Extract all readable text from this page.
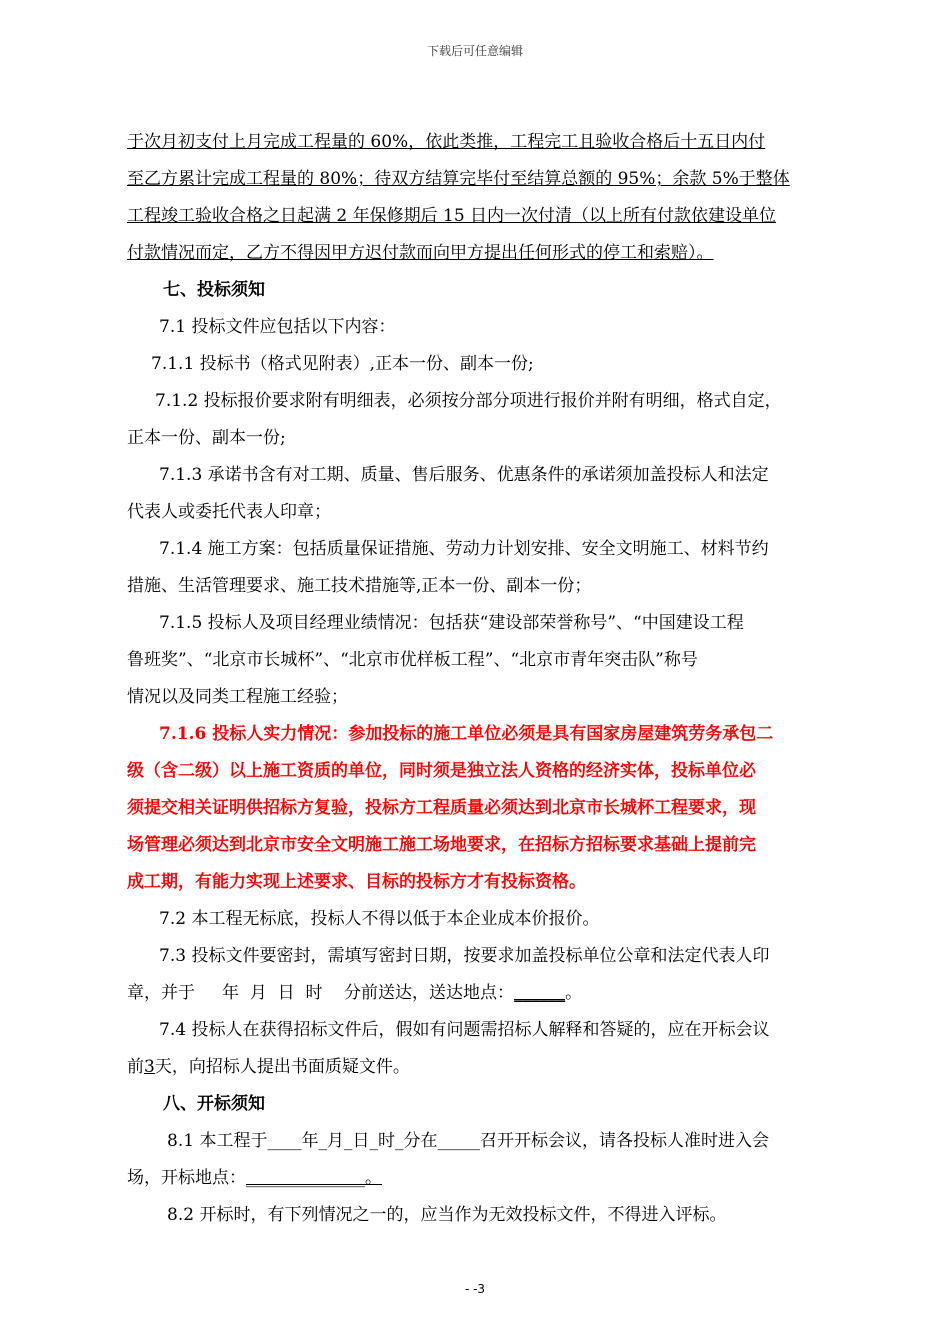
下载后可任意编辑
于次月初支付上月完成工程量的 60%，依此类推，工程完工且验收合格后十五日内付
至乙方累计完成工程量的 80%；待双方结算完毕付至结算总额的 95%；余款 5%于整体
工程竣工验收合格之日起满 2 年保修期后 15 日内一次付清（以上所有付款依建设单位
付款情况而定，乙方不得因甲方迟付款而向甲方提出任何形式的停工和索赔）。
七、投标须知
7.1 投标文件应包括以下内容：
7.1.1 投标书（格式见附表）,正本一份、副本一份;
7.1.2 投标报价要求附有明细表，必须按分部分项进行报价并附有明细，格式自定，
正本一份、副本一份;
7.1.3 承诺书含有对工期、质量、售后服务、优惠条件的承诺须加盖投标人和法定
代表人或委托代表人印章；
7.1.4 施工方案：包括质量保证措施、劳动力计划安排、安全文明施工、材料节约
措施、生活管理要求、施工技术措施等,正本一份、副本一份；
7.1.5 投标人及项目经理业绩情况：包括获“建设部荣誉称号”、“中国建设工程
鲁班奖”、“北京市长城杯”、“北京市优样板工程”、“北京市青年突击队”称号
情况以及同类工程施工经验；
7.1.6 投标人实力情况：参加投标的施工单位必须是具有国家房屋建筑劳务承包二
级（含二级）以上施工资质的单位，同时须是独立法人资格的经济实体，投标单位必
须提交相关证明供招标方复验，投标方工程质量必须达到北京市长城杯工程要求，现
场管理必须达到北京市安全文明施工施工场地要求，在招标方招标要求基础上提前完
成工期，有能力实现上述要求、目标的投标方才有投标资格。
7.2 本工程无标底，投标人不得以低于本企业成本价报价。
7.3 投标文件要密封，需填写密封日期，按要求加盖投标单位公章和法定代表人印
章，并于     年  月  日  时    分前送达，送达地点：______。
7.4 投标人在获得招标文件后，假如有问题需招标人解释和答疑的，应在开标会议
前3天，向招标人提出书面质疑文件。
八、开标须知
8.1 本工程于____年_月_日_时_分在_____召开开标会议，请各投标人准时进入会
场，开标地点：______________。
8.2 开标时，有下列情况之一的，应当作为无效投标文件，不得进入评标。
- -3
